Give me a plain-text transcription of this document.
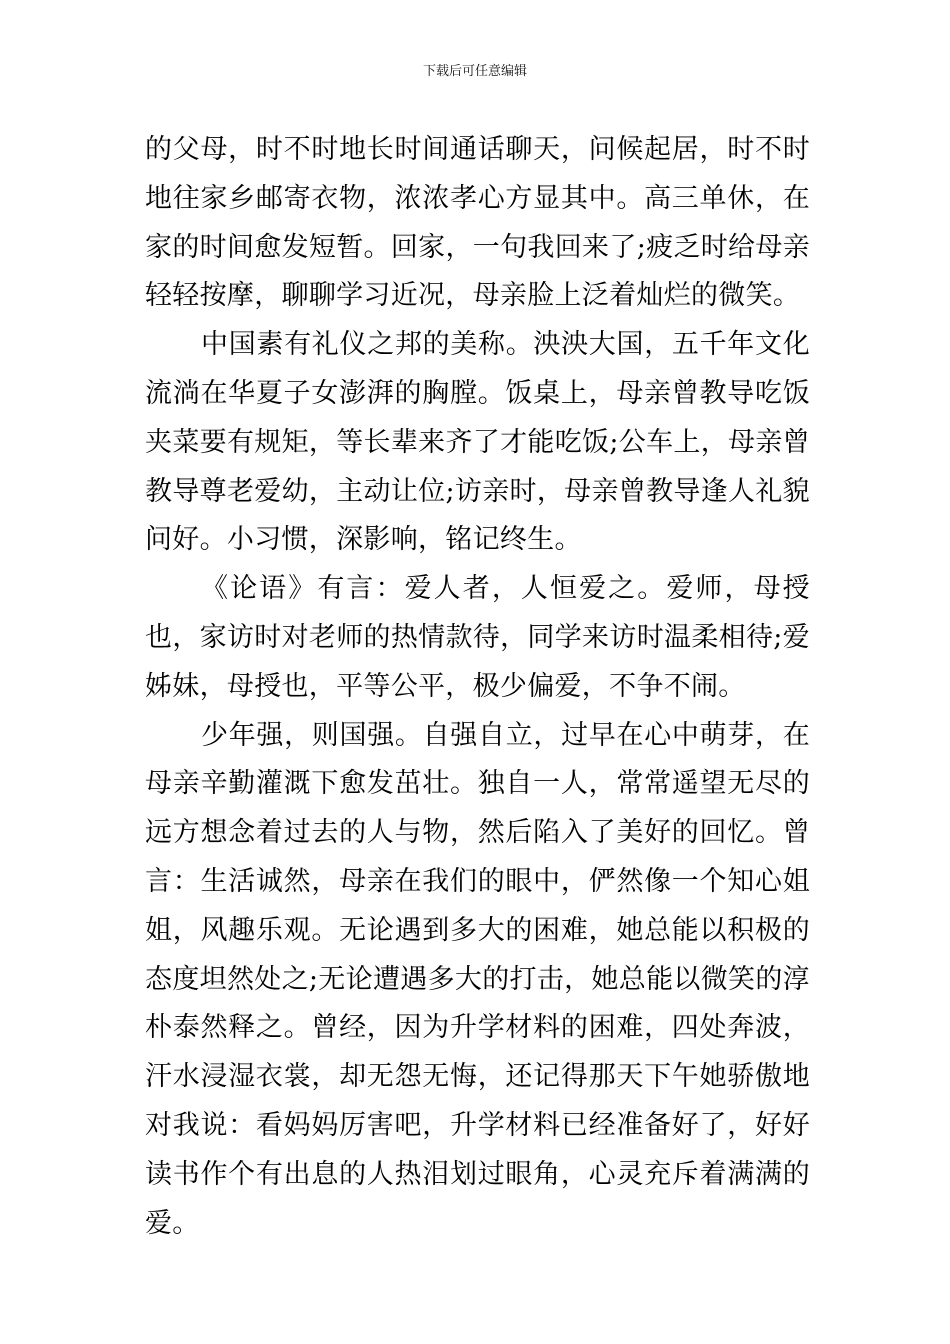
下载后可任意编辑

的父母，时不时地长时间通话聊天，问候起居，时不时地往家乡邮寄衣物，浓浓孝心方显其中。高三单休，在家的时间愈发短暂。回家，一句我回来了;疲乏时给母亲轻轻按摩，聊聊学习近况，母亲脸上泛着灿烂的微笑。

中国素有礼仪之邦的美称。泱泱大国，五千年文化流淌在华夏子女澎湃的胸膛。饭桌上，母亲曾教导吃饭夹菜要有规矩，等长辈来齐了才能吃饭;公车上，母亲曾教导尊老爱幼，主动让位;访亲时，母亲曾教导逢人礼貌问好。小习惯，深影响，铭记终生。

《论语》有言：爱人者，人恒爱之。爱师，母授也，家访时对老师的热情款待，同学来访时温柔相待;爱姊妹，母授也，平等公平，极少偏爱，不争不闹。

少年强，则国强。自强自立，过早在心中萌芽，在母亲辛勤灌溉下愈发茁壮。独自一人，常常遥望无尽的远方想念着过去的人与物，然后陷入了美好的回忆。曾言：生活诚然，母亲在我们的眼中，俨然像一个知心姐姐，风趣乐观。无论遇到多大的困难，她总能以积极的态度坦然处之;无论遭遇多大的打击，她总能以微笑的淳朴泰然释之。曾经，因为升学材料的困难，四处奔波，汗水浸湿衣裳，却无怨无悔，还记得那天下午她骄傲地对我说：看妈妈厉害吧，升学材料已经准备好了，好好读书作个有出息的人热泪划过眼角，心灵充斥着满满的爱。
